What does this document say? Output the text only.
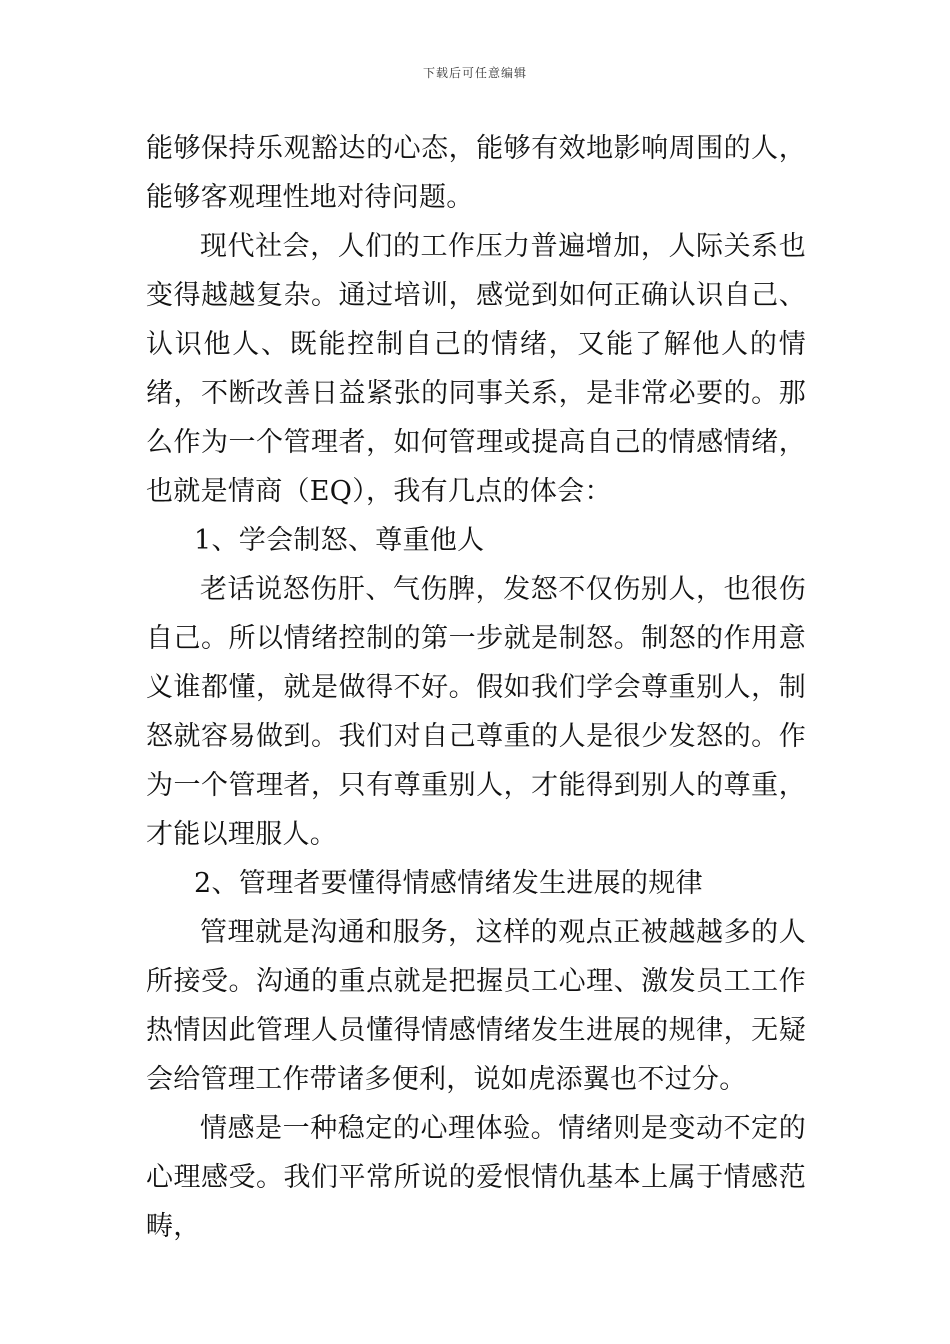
下载后可任意编辑

能够保持乐观豁达的心态，能够有效地影响周围的人，能够客观理性地对待问题。

现代社会，人们的工作压力普遍增加，人际关系也变得越越复杂。通过培训，感觉到如何正确认识自己、认识他人、既能控制自己的情绪，又能了解他人的情绪，不断改善日益紧张的同事关系，是非常必要的。那么作为一个管理者，如何管理或提高自己的情感情绪，也就是情商（EQ），我有几点的体会：

1、学会制怒、尊重他人

老话说怒伤肝、气伤脾，发怒不仅伤别人，也很伤自己。所以情绪控制的第一步就是制怒。制怒的作用意义谁都懂，就是做得不好。假如我们学会尊重别人，制怒就容易做到。我们对自己尊重的人是很少发怒的。作为一个管理者，只有尊重别人，才能得到别人的尊重，才能以理服人。

2、管理者要懂得情感情绪发生进展的规律

管理就是沟通和服务，这样的观点正被越越多的人所接受。沟通的重点就是把握员工心理、激发员工工作热情因此管理人员懂得情感情绪发生进展的规律，无疑会给管理工作带诸多便利，说如虎添翼也不过分。

情感是一种稳定的心理体验。情绪则是变动不定的心理感受。我们平常所说的爱恨情仇基本上属于情感范畴，
